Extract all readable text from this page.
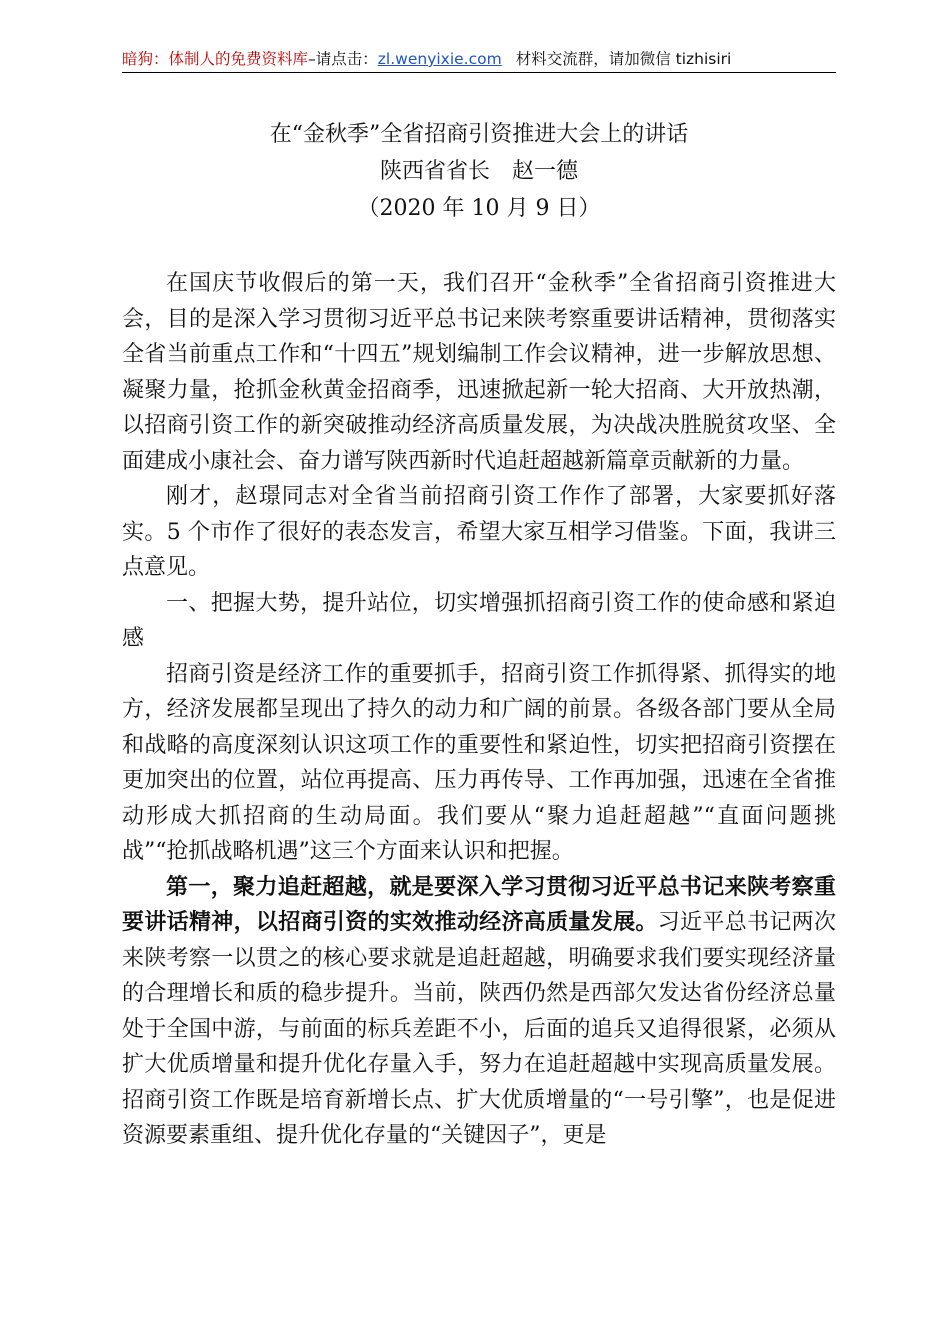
暗狗：体制人的免费资料库–请点击：zl.wenyixie.com 材料交流群，请加微信 tizhisiri
在“金秋季”全省招商引资推进大会上的讲话
陕西省省长　赵一德
（2020 年 10 月 9 日）

在国庆节收假后的第一天，我们召开“金秋季”全省招商引资推进大会，目的是深入学习贯彻习近平总书记来陕考察重要讲话精神，贯彻落实全省当前重点工作和“十四五”规划编制工作会议精神，进一步解放思想、凝聚力量，抢抓金秋黄金招商季，迅速掀起新一轮大招商、大开放热潮，以招商引资工作的新突破推动经济高质量发展，为决战决胜脱贫攻坚、全面建成小康社会、奋力谱写陕西新时代追赶超越新篇章贡献新的力量。

刚才，赵璟同志对全省当前招商引资工作作了部署，大家要抓好落实。5 个市作了很好的表态发言，希望大家互相学习借鉴。下面，我讲三点意见。

一、把握大势，提升站位，切实增强抓招商引资工作的使命感和紧迫感

招商引资是经济工作的重要抓手，招商引资工作抓得紧、抓得实的地方，经济发展都呈现出了持久的动力和广阔的前景。各级各部门要从全局和战略的高度深刻认识这项工作的重要性和紧迫性，切实把招商引资摆在更加突出的位置，站位再提高、压力再传导、工作再加强，迅速在全省推动形成大抓招商的生动局面。我们要从“聚力追赶超越”“直面问题挑战”“抢抓战略机遇”这三个方面来认识和把握。

第一，聚力追赶超越，就是要深入学习贯彻习近平总书记来陕考察重要讲话精神，以招商引资的实效推动经济高质量发展。习近平总书记两次来陕考察一以贯之的核心要求就是追赶超越，明确要求我们要实现经济量的合理增长和质的稳步提升。当前，陕西仍然是西部欠发达省份经济总量处于全国中游，与前面的标兵差距不小，后面的追兵又追得很紧，必须从扩大优质增量和提升优化存量入手，努力在追赶超越中实现高质量发展。招商引资工作既是培育新增长点、扩大优质增量的“一号引擎”，也是促进资源要素重组、提升优化存量的“关键因子”，更是
